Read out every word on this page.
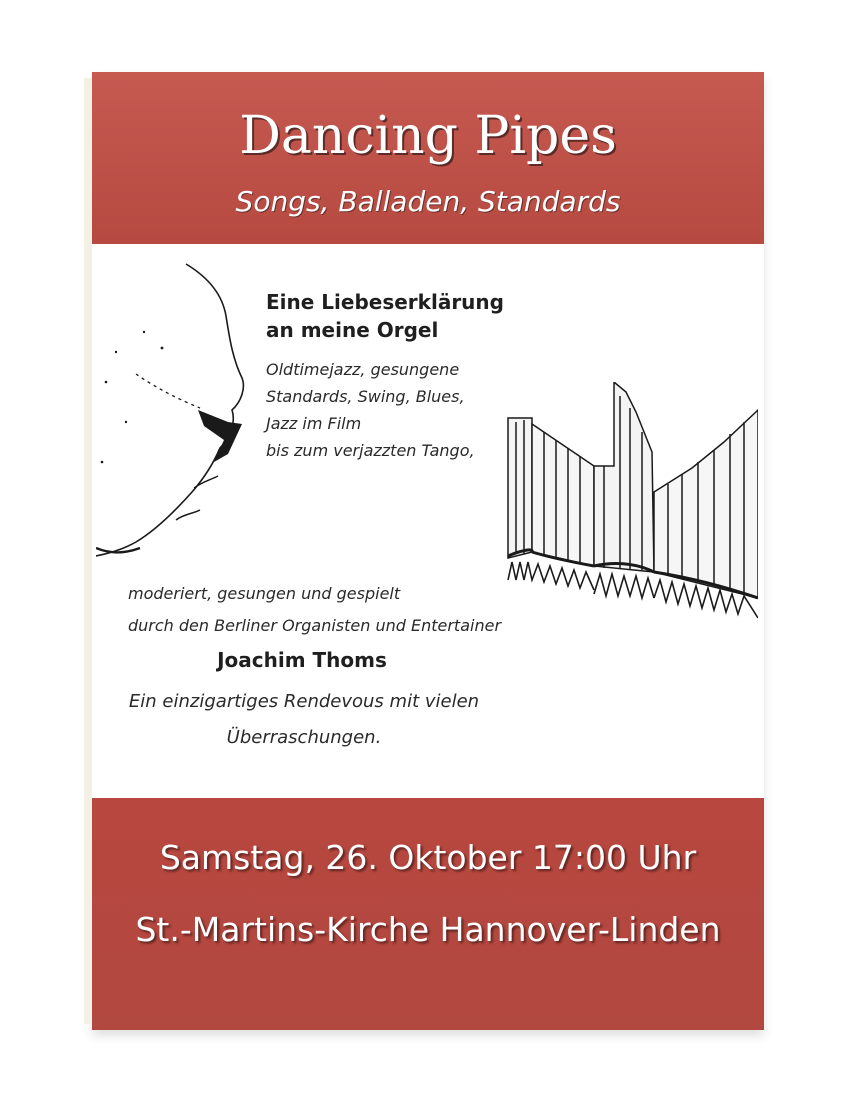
Dancing Pipes
Songs, Balladen, Standards
Eine Liebeserklärung
an meine Orgel
Oldtimejazz, gesungene
Standards, Swing, Blues,
Jazz im Film
bis zum verjazzten Tango,
moderiert, gesungen und gespielt
durch den Berliner Organisten und Entertainer
Joachim Thoms
Ein einzigartiges Rendevous mit vielen
Überraschungen.
Samstag, 26. Oktober 17:00 Uhr
St.-Martins-Kirche Hannover-Linden
